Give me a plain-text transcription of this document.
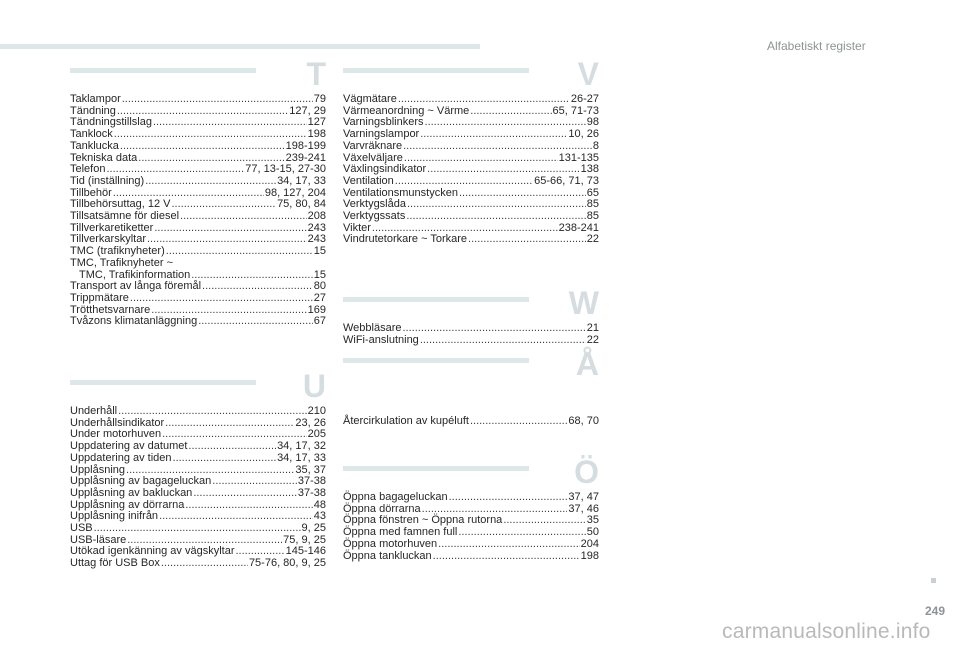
Alfabetiskt register
T
Taklampor .....	79
Tändning .....	127, 29
Tändningstillslag .....	127
Tanklock .....	198
Tanklucka .....	198-199
Tekniska data .....	239-241
Telefon .....	77, 13-15, 27-30
Tid (inställning) .....	34, 17, 33
Tillbehör .....	98, 127, 204
Tillbehörsuttag, 12 V .....	75, 80, 84
Tillsatsämne för diesel .....	208
Tillverkaretiketter .....	243
Tillverkarskyltar .....	243
TMC (trafiknyheter) .....	15
TMC, Trafiknyheter ~
TMC, Trafikinformation .....	15
Transport av långa föremål .....	80
Trippmätare .....	27
Trötthetsvarnare .....	169
Tvåzons klimatanläggning .....	67
U
Underhåll .....	210
Underhållsindikator .....	23, 26
Under motorhuven .....	205
Uppdatering av datumet .....	34, 17, 32
Uppdatering av tiden .....	34, 17, 33
Upplåsning .....	35, 37
Upplåsning av bagageluckan .....	37-38
Upplåsning av bakluckan .....	37-38
Upplåsning av dörrarna .....	48
Upplåsning inifrån .....	43
USB .....	9, 25
USB-läsare .....	75, 9, 25
Utökad igenkänning av vägskyltar .....	145-146
Uttag för USB Box .....	75-76, 80, 9, 25
V
Vägmätare .....	26-27
Värmeanordning ~ Värme .....	65, 71-73
Varningsblinkers .....	98
Varningslampor .....	10, 26
Varvräknare .....	8
Växelväljare .....	131-135
Växlingsindikator .....	138
Ventilation .....	65-66, 71, 73
Ventilationsmunstycken .....	65
Verktygslåda .....	85
Verktygssats .....	85
Vikter .....	238-241
Vindrutetorkare ~ Torkare .....	22
W
Webbläsare .....	21
WiFi-anslutning .....	22
Å
Återcirkulation av kupéluft .....	68, 70
Ö
Öppna bagageluckan .....	37, 47
Öppna dörrarna .....	37, 46
Öppna fönstren ~ Öppna rutorna .....	35
Öppna med famnen full .....	50
Öppna motorhuven .....	204
Öppna tankluckan .....	198
249
carmanualsonline.info
